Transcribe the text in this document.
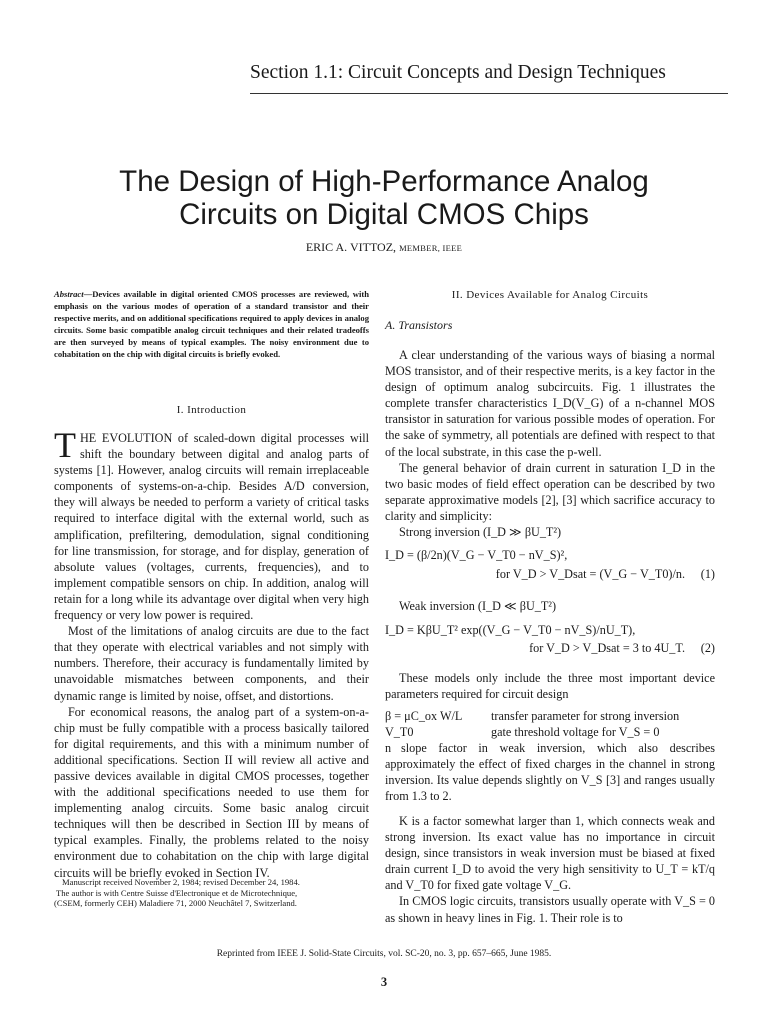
Section 1.1: Circuit Concepts and Design Techniques
The Design of High-Performance Analog
Circuits on Digital CMOS Chips
ERIC A. VITTOZ, MEMBER, IEEE
Abstract—Devices available in digital oriented CMOS processes are reviewed, with emphasis on the various modes of operation of a standard transistor and their respective merits, and on additional specifications required to apply devices in analog circuits. Some basic compatible analog circuit techniques and their related tradeoffs are then surveyed by means of typical examples. The noisy environment due to cohabitation on the chip with digital circuits is briefly evoked.
I. Introduction

THE EVOLUTION of scaled-down digital processes will shift the boundary between digital and analog parts of systems [1]. However, analog circuits will remain irreplaceable components of systems-on-a-chip. Besides A/D conversion, they will always be needed to perform a variety of critical tasks required to interface digital with the external world, such as amplification, prefiltering, demodulation, signal conditioning for line transmission, for storage, and for display, generation of absolute values (voltages, currents, frequencies), and to implement compatible sensors on chip. In addition, analog will retain for a long while its advantage over digital when very high frequency or very low power is required.

Most of the limitations of analog circuits are due to the fact that they operate with electrical variables and not simply with numbers. Therefore, their accuracy is fundamentally limited by unavoidable mismatches between components, and their dynamic range is limited by noise, offset, and distortions.

For economical reasons, the analog part of a system-on-a-chip must be fully compatible with a process basically tailored for digital requirements, and this with a minimum number of additional specifications. Section II will review all active and passive devices available in digital CMOS processes, together with the additional specifications needed to use them for implementing analog circuits. Some basic analog circuit techniques will then be described in Section III by means of typical examples. Finally, the problems related to the noisy environment due to cohabitation on the chip with large digital circuits will be briefly evoked in Section IV.

Manuscript received November 2, 1984; revised December 24, 1984.
The author is with Centre Suisse d'Electronique et de Microtechnique,
(CSEM, formerly CEH) Maladiere 71, 2000 Neuchâtel 7, Switzerland.
II. Devices Available for Analog Circuits
A. Transistors

A clear understanding of the various ways of biasing a normal MOS transistor, and of their respective merits, is a key factor in the design of optimum analog subcircuits. Fig. 1 illustrates the complete transfer characteristics I_D(V_G) of a n-channel MOS transistor in saturation for various possible modes of operation. For the sake of symmetry, all potentials are defined with respect to that of the local substrate, in this case the p-well.

The general behavior of drain current in saturation I_D in the two basic modes of field effect operation can be described by two separate approximative models [2], [3] which sacrifice accuracy to clarity and simplicity:

Strong inversion (I_D ≫ βU_T²)

I_D = (β/2n)(V_G − V_T0 − nV_S)²,
for V_D > V_Dsat = (V_G − V_T0)/n.	(1)

Weak inversion (I_D ≪ βU_T²)

I_D = KβU_T² exp((V_G − V_T0 − nV_S)/nU_T),
for V_D > V_Dsat = 3 to 4U_T.	(2)

These models only include the three most important device parameters required for circuit design

β = μC_ox W/L transfer parameter for strong inversion
V_T0	gate threshold voltage for V_S = 0
n slope factor in weak inversion, which also describes approximately the effect of fixed charges in the channel in strong inversion. Its value depends slightly on V_S [3] and ranges usually from 1.3 to 2.

K is a factor somewhat larger than 1, which connects weak and strong inversion. Its exact value has no importance in circuit design, since transistors in weak inversion must be biased at fixed drain current I_D to avoid the very high sensitivity to U_T = kT/q and V_T0 for fixed gate voltage V_G.

In CMOS logic circuits, transistors usually operate with V_S = 0 as shown in heavy lines in Fig. 1. Their role is to

Reprinted from IEEE J. Solid-State Circuits, vol. SC-20, no. 3, pp. 657–665, June 1985.
3
